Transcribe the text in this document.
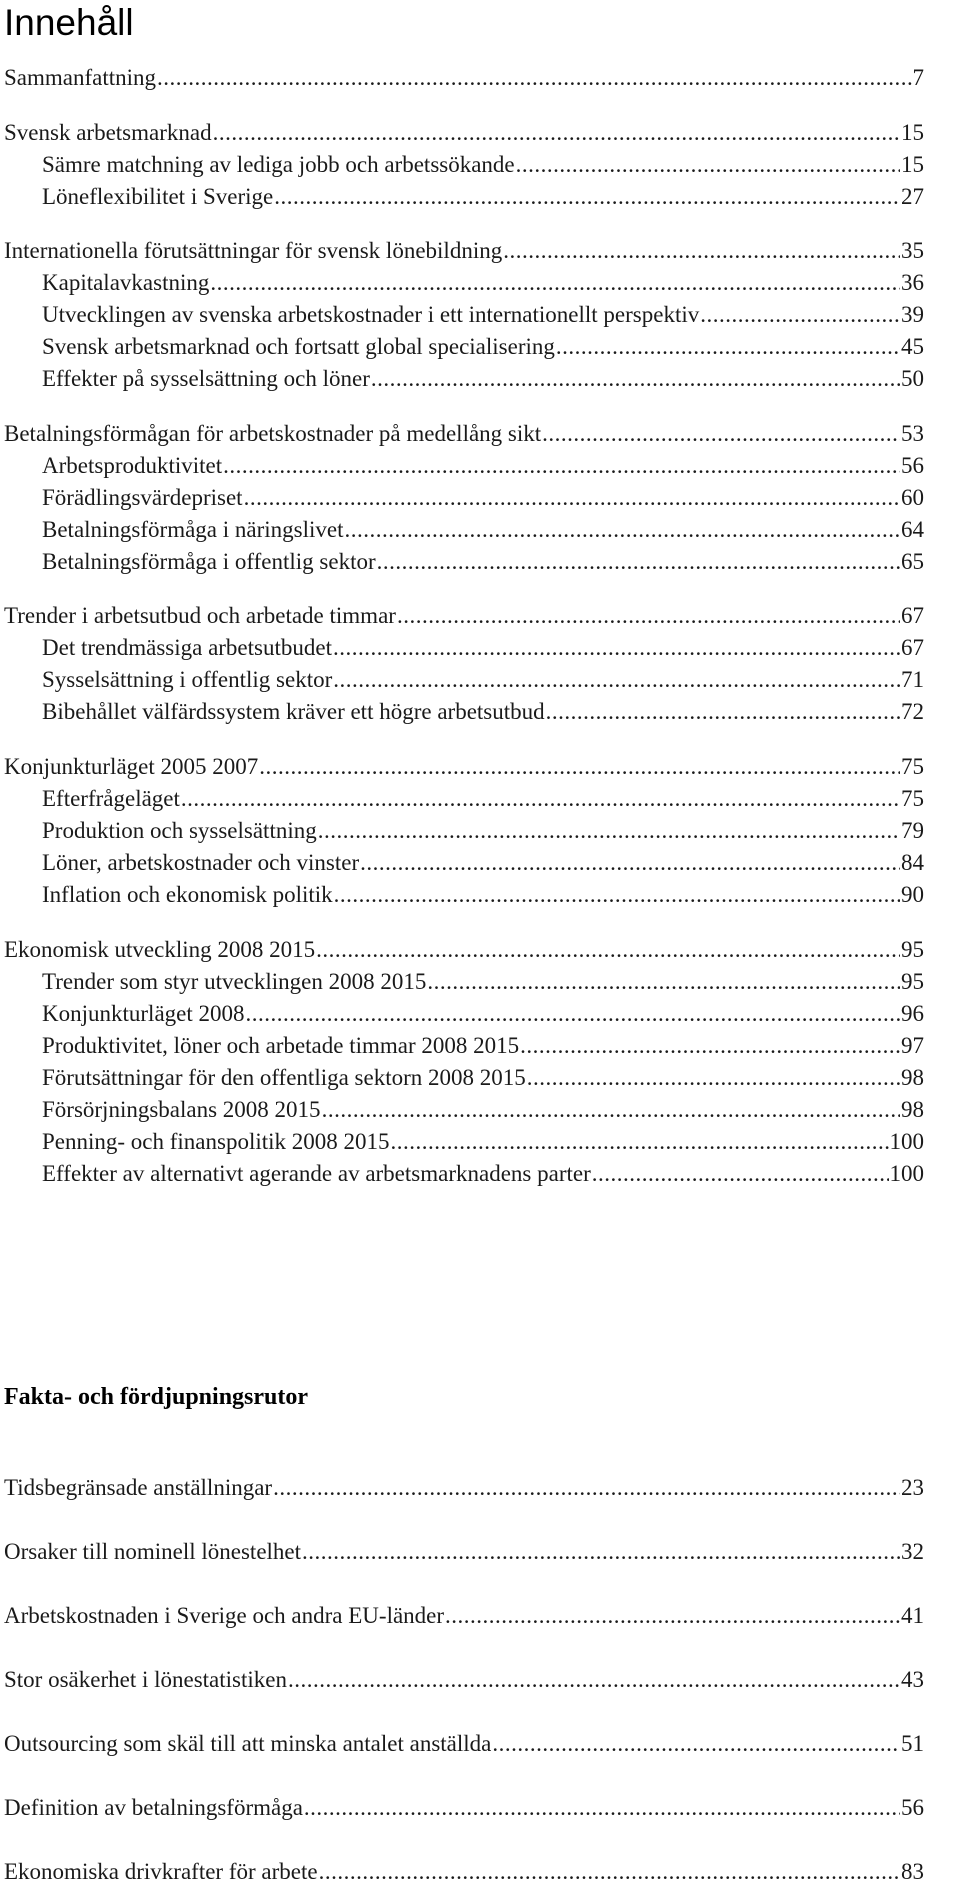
Innehåll
Sammanfattning .....	7
Svensk arbetsmarknad .....	15
Sämre matchning av lediga jobb och arbetssökande .....	15
Löneflexibilitet i Sverige .....	27
Internationella förutsättningar för svensk lönebildning .....	35
Kapitalavkastning .....	36
Utvecklingen av svenska arbetskostnader i ett internationellt perspektiv .....	39
Svensk arbetsmarknad och fortsatt global specialisering .....	45
Effekter på sysselsättning och löner .....	50
Betalningsförmågan för arbetskostnader på medellång sikt .....	53
Arbetsproduktivitet .....	56
Förädlingsvärdepriset .....	60
Betalningsförmåga i näringslivet .....	64
Betalningsförmåga i offentlig sektor .....	65
Trender i arbetsutbud och arbetade timmar .....	67
Det trendmässiga arbetsutbudet .....	67
Sysselsättning i offentlig sektor .....	71
Bibehållet välfärdssystem kräver ett högre arbetsutbud .....	72
Konjunkturläget 2005 2007 .....	75
Efterfrågeläget .....	75
Produktion och sysselsättning .....	79
Löner, arbetskostnader och vinster .....	84
Inflation och ekonomisk politik .....	90
Ekonomisk utveckling 2008 2015 .....	95
Trender som styr utvecklingen 2008 2015 .....	95
Konjunkturläget 2008 .....	96
Produktivitet, löner och arbetade timmar 2008 2015 .....	97
Förutsättningar för den offentliga sektorn 2008 2015 .....	98
Försörjningsbalans 2008 2015 .....	98
Penning- och finanspolitik 2008 2015 .....	100
Effekter av alternativt agerande av arbetsmarknadens parter .....	100
Fakta- och fördjupningsrutor
Tidsbegränsade anställningar .....	23
Orsaker till nominell lönestelhet .....	32
Arbetskostnaden i Sverige och andra EU-länder .....	41
Stor osäkerhet i lönestatistiken .....	43
Outsourcing som skäl till att minska antalet anställda .....	51
Definition av betalningsförmåga .....	56
Ekonomiska drivkrafter för arbete .....	83
